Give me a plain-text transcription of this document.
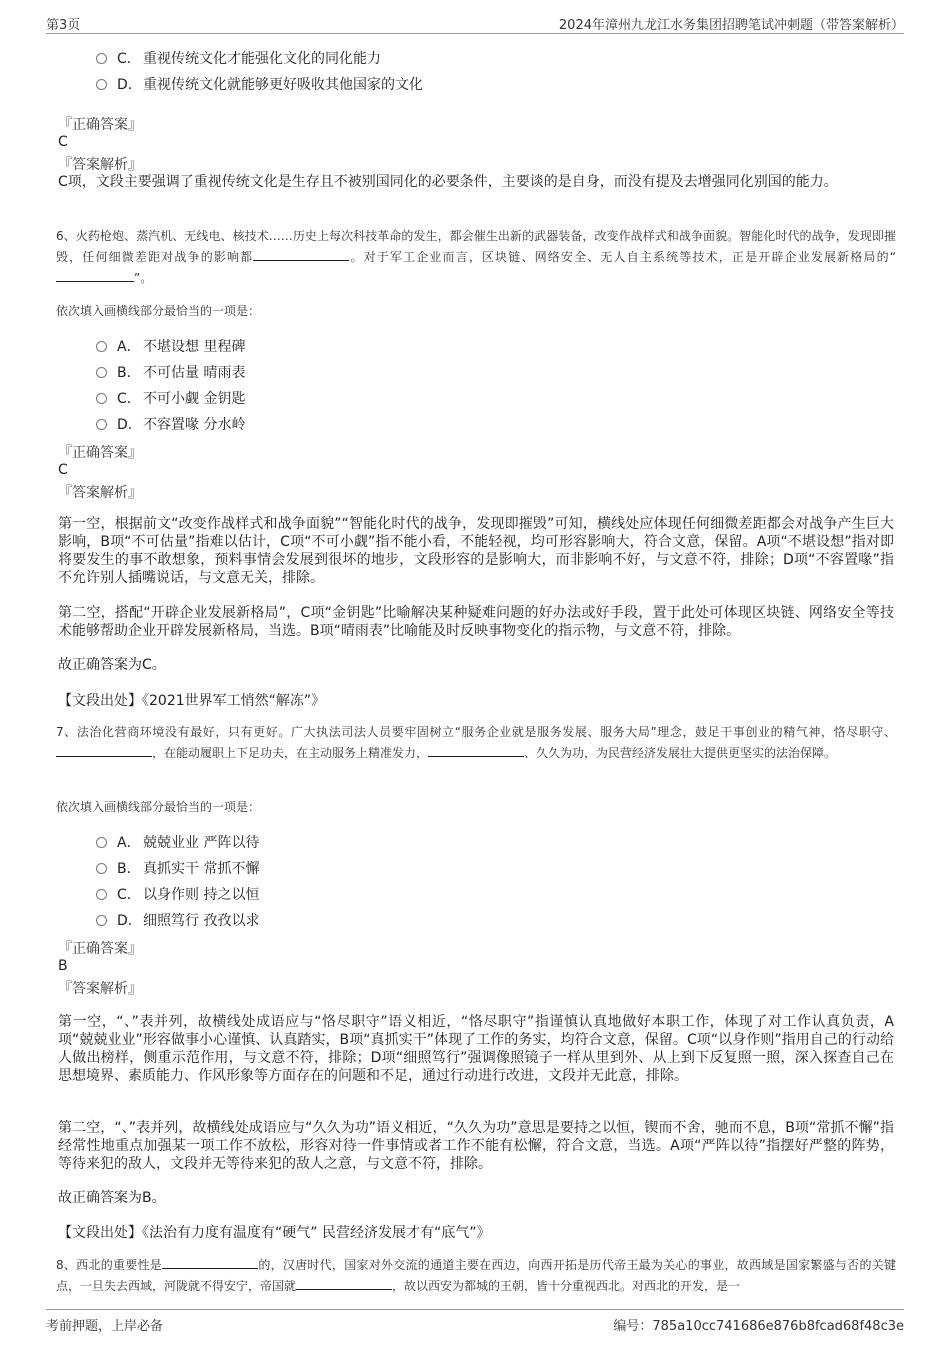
第3页	2024年漳州九龙江水务集团招聘笔试冲刺题（带答案解析）
C． 重视传统文化才能强化文化的同化能力
D．重视传统文化就能够更好吸收其他国家的文化
『正确答案』
C
『答案解析』
C项，文段主要强调了重视传统文化是生存且不被别国同化的必要条件，主要谈的是自身，而没有提及去增强同化别国的能力。
6、火药枪炮、蒸汽机、无线电、核技术……历史上每次科技革命的发生，都会催生出新的武器装备，改变作战样式和战争面貌。智能化时代的战争，发现即摧毁，任何细微差距对战争的影响都	。对于军工企业而言，区块链、网络安全、无人自主系统等技术，正是开辟企业发展新格局的“”。
依次填入画横线部分最恰当的一项是：
A． 不堪设想 里程碑
B． 不可估量 晴雨表
C． 不可小觑 金钥匙
D．不容置喙 分水岭
『正确答案』
C
『答案解析』
第一空，根据前文“改变作战样式和战争面貌”“智能化时代的战争，发现即摧毁”可知，横线处应体现任何细微差距都会对战争产生巨大影响，B项“不可估量”指难以估计，C项“不可小觑”指不能小看，不能轻视，均可形容影响大，符合文意，保留。A项“不堪设想”指对即将要发生的事不敢想象，预料事情会发展到很坏的地步，文段形容的是影响大，而非影响不好，与文意不符，排除；D项“不容置喙”指不允许别人插嘴说话，与文意无关，排除。
第二空，搭配“开辟企业发展新格局”，C项“金钥匙”比喻解决某种疑难问题的好办法或好手段，置于此处可体现区块链、网络安全等技术能够帮助企业开辟发展新格局，当选。B项“晴雨表”比喻能及时反映事物变化的指示物，与文意不符，排除。
故正确答案为C。
【文段出处】《2021世界军工悄然“解冻”》
7、法治化营商环境没有最好，只有更好。广大执法司法人员要牢固树立“服务企业就是服务发展、服务大局”理念，鼓足干事创业的精气神，恪尽职守、，在能动履职上下足功夫，在主动服务上精准发力，	、久久为功，为民营经济发展壮大提供更坚实的法治保障。
依次填入画横线部分最恰当的一项是：
A． 兢兢业业 严阵以待
B． 真抓实干 常抓不懈
C． 以身作则 持之以恒
D．细照笃行 孜孜以求
『正确答案』
B
『答案解析』
第一空，“、”表并列，故横线处成语应与“恪尽职守”语义相近，“恪尽职守”指谨慎认真地做好本职工作，体现了对工作认真负责，A项“兢兢业业”形容做事小心谨慎、认真踏实，B项“真抓实干”体现了工作的务实，均符合文意，保留。C项“以身作则”指用自己的行动给人做出榜样，侧重示范作用，与文意不符，排除；D项“细照笃行”强调像照镜子一样从里到外、从上到下反复照一照，深入探查自己在思想境界、素质能力、作风形象等方面存在的问题和不足，通过行动进行改进，文段并无此意，排除。
第二空，“、”表并列，故横线处成语应与“久久为功”语义相近，“久久为功”意思是要持之以恒，锲而不舍，驰而不息，B项“常抓不懈”指经常性地重点加强某一项工作不放松，形容对待一件事情或者工作不能有松懈，符合文意，当选。A项“严阵以待”指摆好严整的阵势，等待来犯的敌人，文段并无等待来犯的敌人之意，与文意不符，排除。
故正确答案为B。
【文段出处】《法治有力度有温度有“硬气” 民营经济发展才有“底气”》
8、西北的重要性是	的，汉唐时代，国家对外交流的通道主要在西边，向西开拓是历代帝王最为关心的事业，故西域是国家繁盛与否的关键点，一旦失去西域，河陇就不得安宁，帝国就	，故以西安为都城的王朝，皆十分重视西北。对西北的开发，是一
考前押题，上岸必备	编号：785a10cc741686e876b8fcad68f48c3e
